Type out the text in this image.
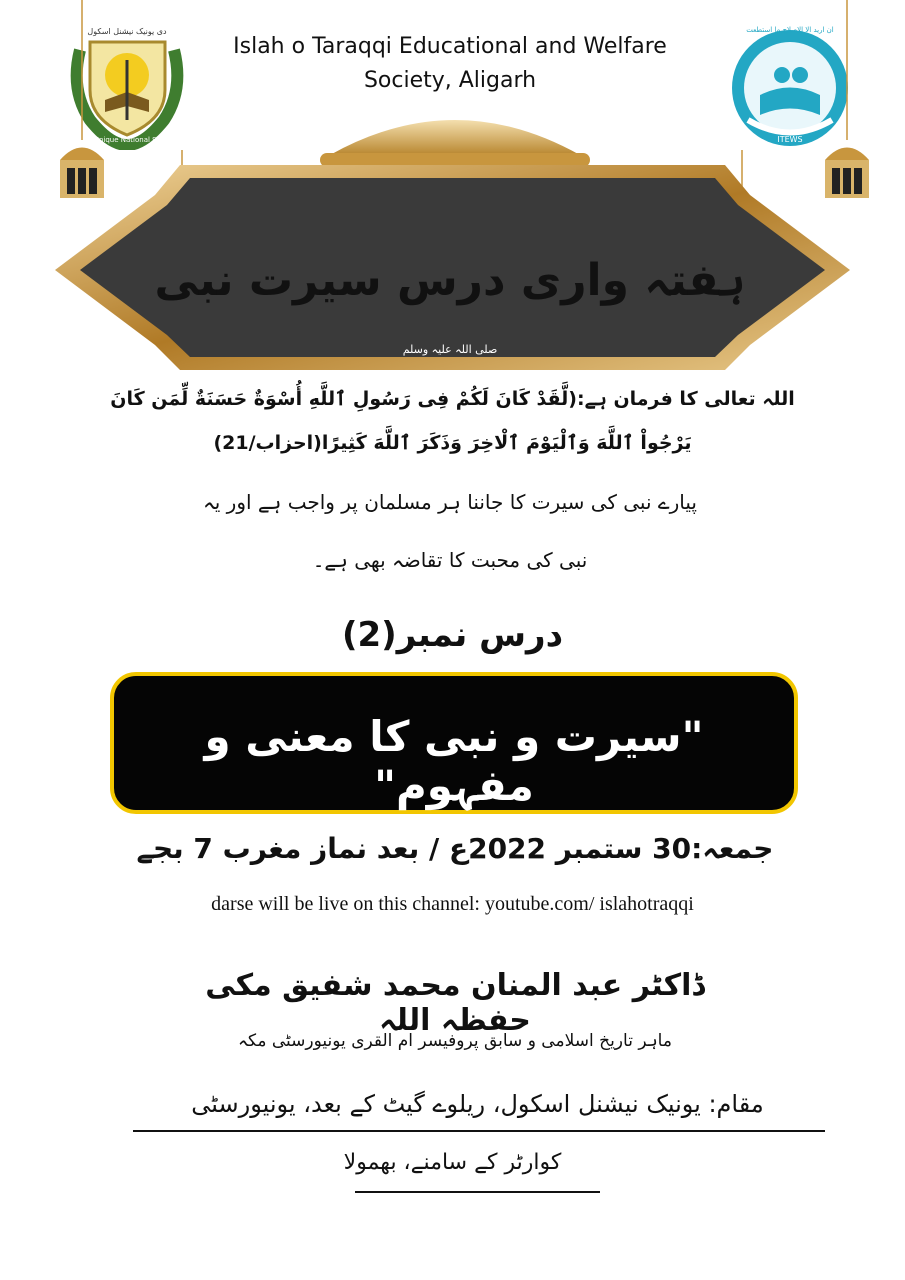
Islah o Taraqqi Educational and Welfare
Society, Aligarh
دی یونیک نیشنل اسکول
The Unique National School
ان ارید الا الاصلاح ما استطعت
ITEWS
ہفتہ واری درس سیرت نبی
صلی اللہ علیہ وسلم
اللہ تعالی کا فرمان ہے:(لَّقَدْ كَانَ لَكُمْ فِى رَسُولِ ٱللَّهِ أُسْوَةٌ حَسَنَةٌ لِّمَن كَانَ
يَرْجُواْ ٱللَّهَ وَٱلْيَوْمَ ٱلْاخِرَ وَذَكَرَ ٱللَّهَ كَثِيرًا(احزاب/21)
پیارے نبی کی سیرت کا جاننا ہر مسلمان پر واجب ہے اور یہ
نبی کی محبت کا تقاضہ بھی ہے۔
درس نمبر(2)
"سیرت و نبی کا معنی و مفہوم"
جمعہ:30 ستمبر 2022ع / بعد نماز مغرب 7 بجے
darse will be live on this channel: youtube.com/ islahotraqqi
ڈاکٹر عبد المنان محمد شفیق مکی حفظہ اللہ
ماہر تاریخ اسلامی و سابق پروفیسر ام القری یونیورسٹی مکہ
مقام: یونیک نیشنل اسکول، ریلوے گیٹ کے بعد، یونیورسٹی
کوارٹر کے سامنے، بھمولا
